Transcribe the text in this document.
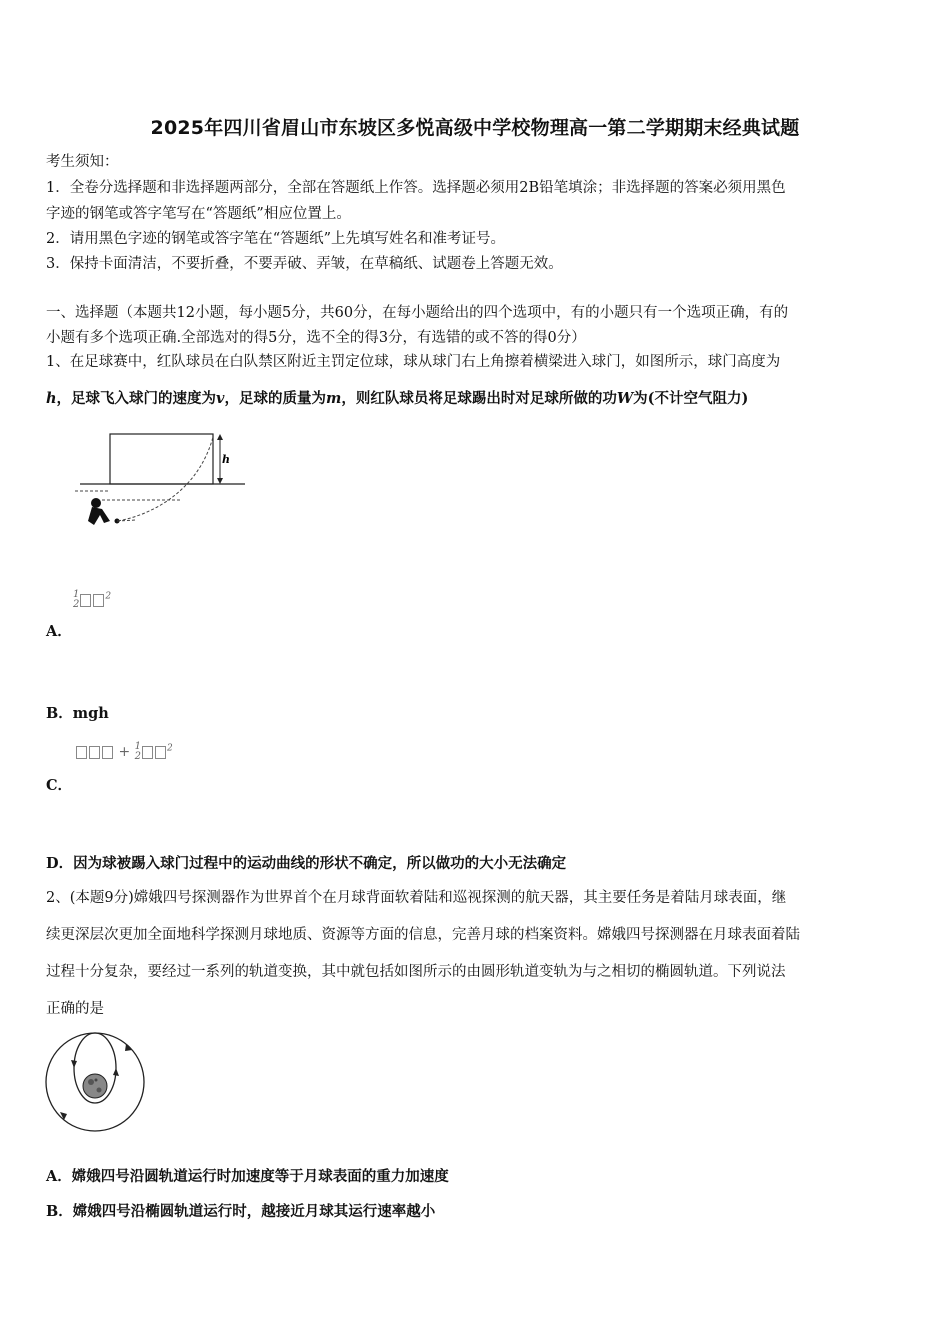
2025年四川省眉山市东坡区多悦高级中学校物理高一第二学期期末经典试题
考生须知：
1．全卷分选择题和非选择题两部分，全部在答题纸上作答。选择题必须用2B铅笔填涂；非选择题的答案必须用黑色
字迹的钢笔或答字笔写在“答题纸”相应位置上。
2．请用黑色字迹的钢笔或答字笔在“答题纸”上先填写姓名和准考证号。
3．保持卡面清洁，不要折叠，不要弄破、弄皱，在草稿纸、试题卷上答题无效。
一、选择题（本题共12小题，每小题5分，共60分，在每小题给出的四个选项中，有的小题只有一个选项正确，有的
小题有多个选项正确.全部选对的得5分，选不全的得3分，有选错的或不答的得0分）
1、在足球赛中，红队球员在白队禁区附近主罚定位球，球从球门右上角擦着横梁进入球门，如图所示，球门高度为
h，足球飞入球门的速度为v，足球的质量为m，则红队球员将足球踢出时对足球所做的功W为(不计空气阻力)
h
1
2
$^2$
A．
B．mgh
+ 1
2
$^2$
C．
D．因为球被踢入球门过程中的运动曲线的形状不确定，所以做功的大小无法确定
2、(本题9分)嫦娥四号探测器作为世界首个在月球背面软着陆和巡视探测的航天器，其主要任务是着陆月球表面，继
续更深层次更加全面地科学探测月球地质、资源等方面的信息，完善月球的档案资料。嫦娥四号探测器在月球表面着陆
过程十分复杂，要经过一系列的轨道变换，其中就包括如图所示的由圆形轨道变轨为与之相切的椭圆轨道。下列说法
正确的是
A．嫦娥四号沿圆轨道运行时加速度等于月球表面的重力加速度
B．嫦娥四号沿椭圆轨道运行时，越接近月球其运行速率越小
